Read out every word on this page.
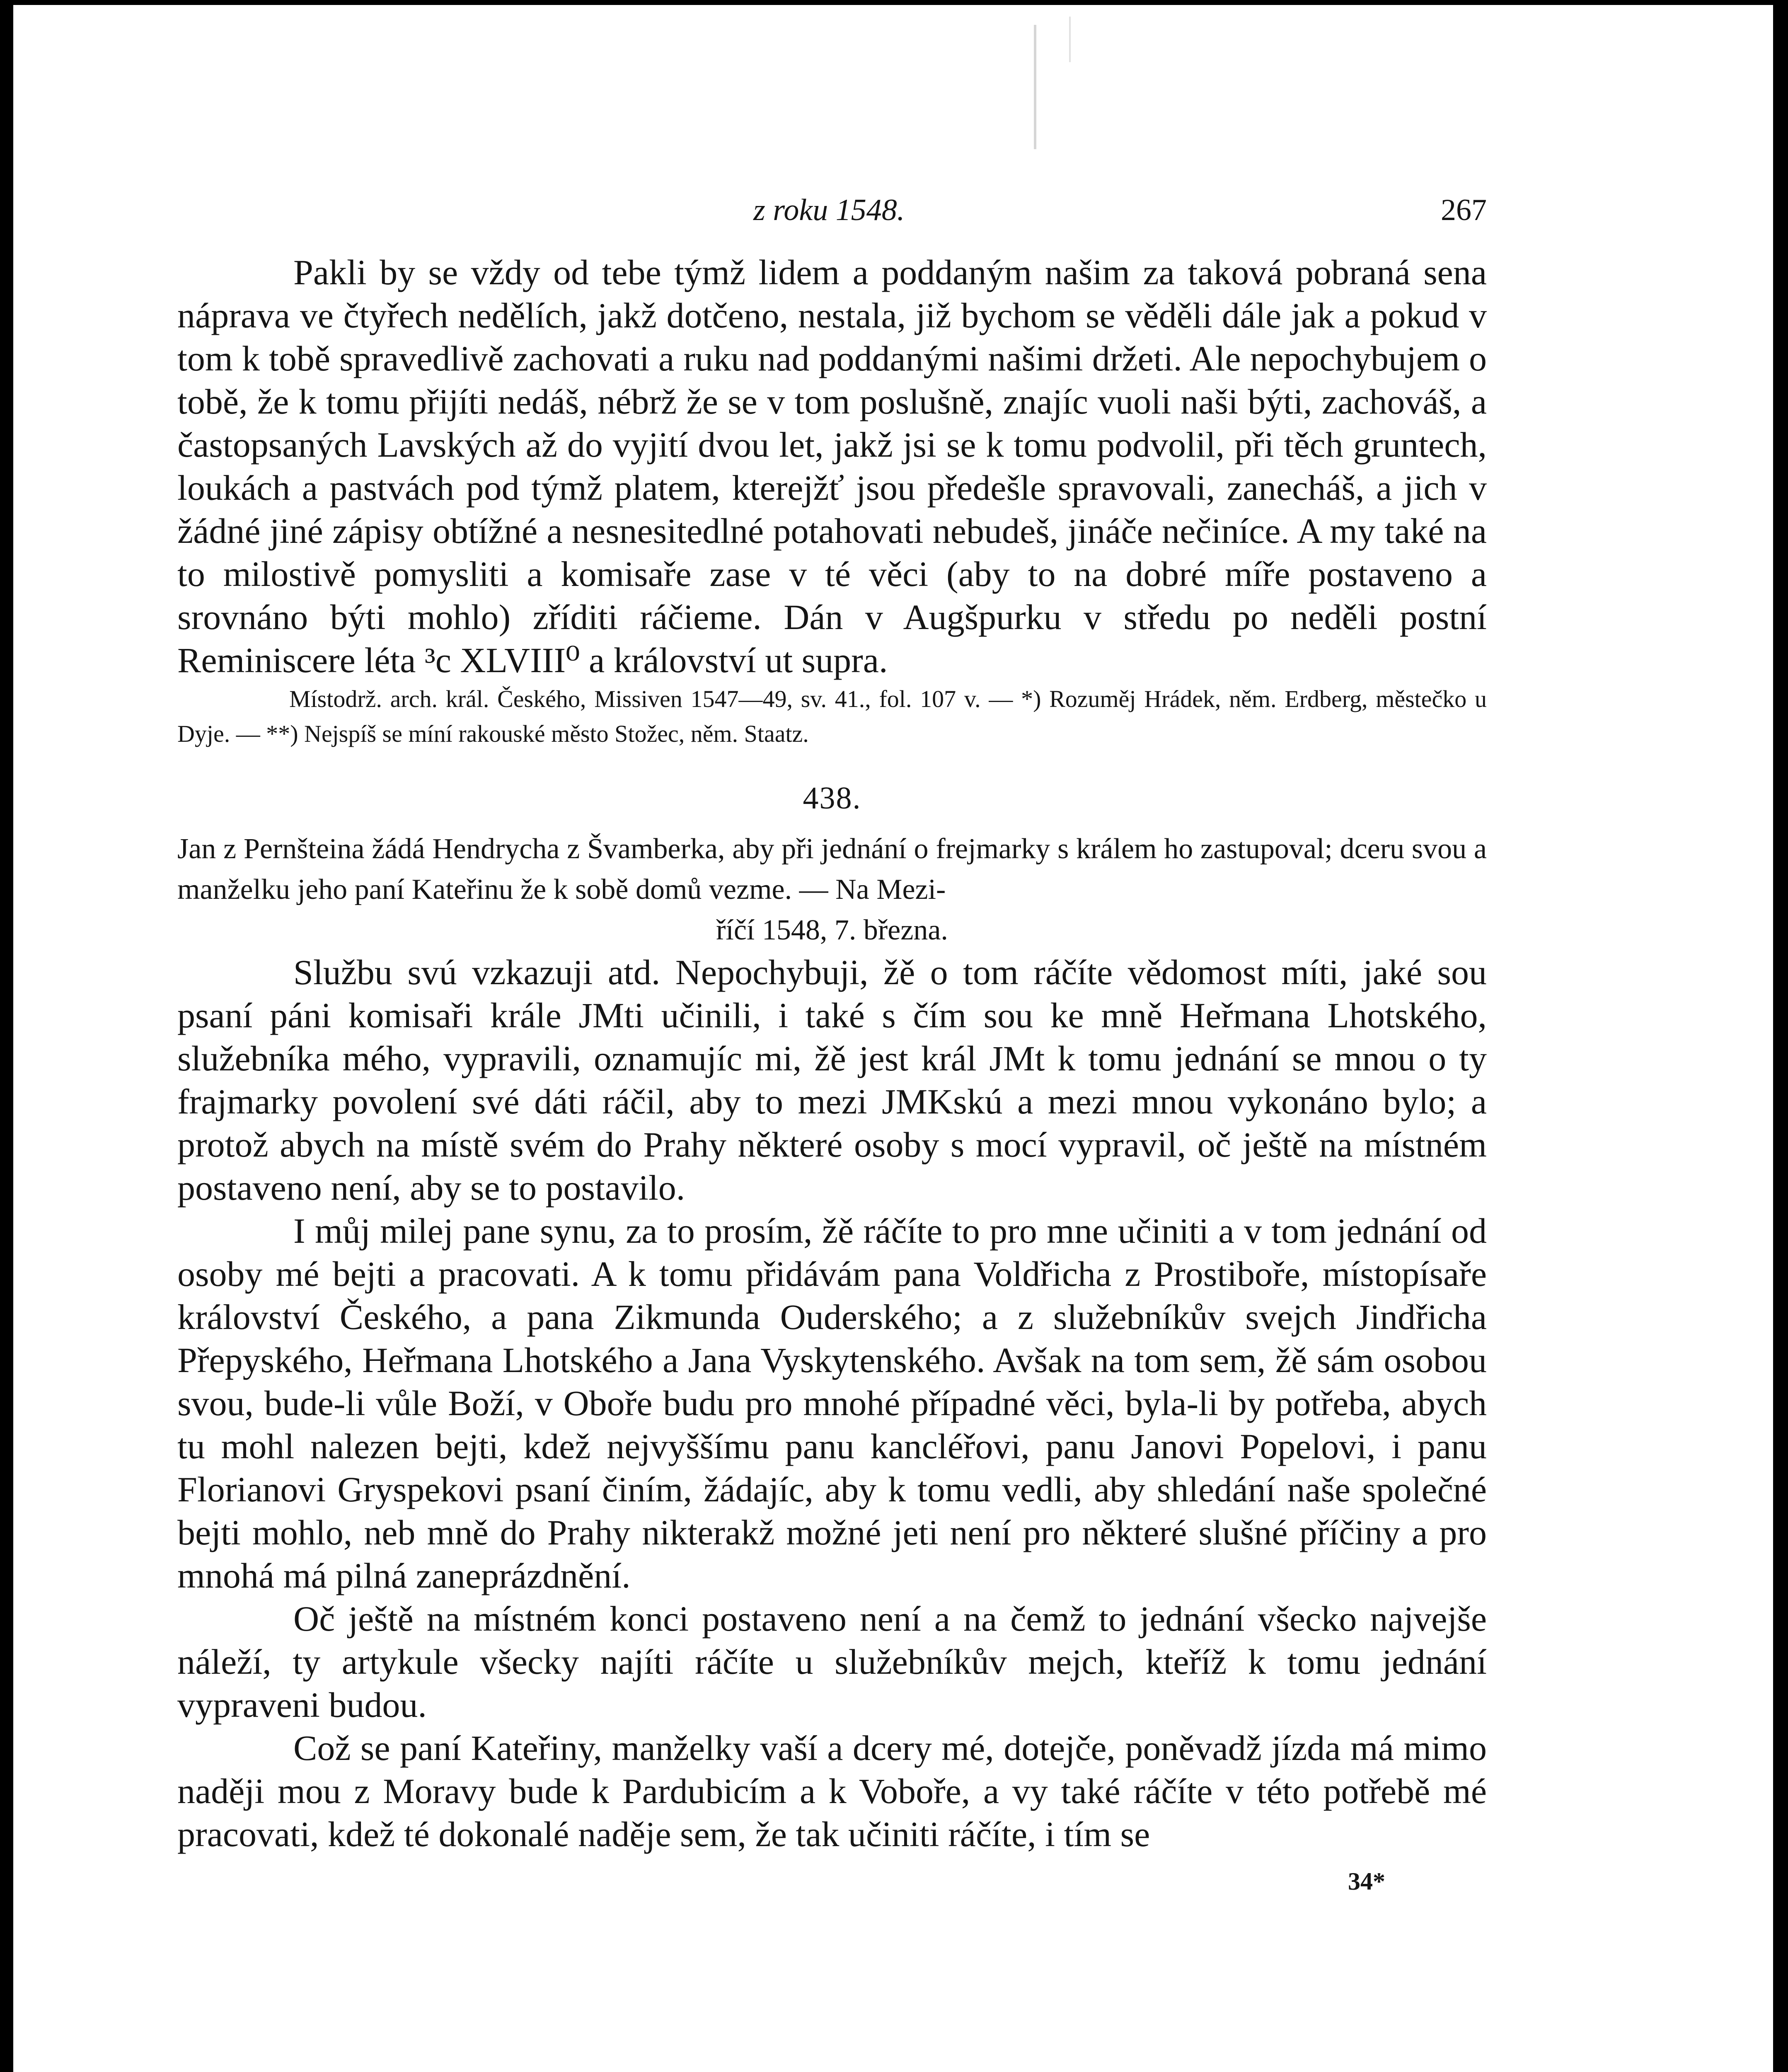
z roku 1548.	267

Pakli by se vždy od tebe týmž lidem a poddaným našim za taková pobraná sena náprava ve čtyřech nedělích, jakž dotčeno, nestala, již bychom se věděli dále jak a pokud v tom k tobě spravedlivě zachovati a ruku nad poddanými našimi držeti. Ale nepochybujem o tobě, že k tomu přijíti nedáš, nébrž že se v tom poslušně, znajíc vuoli naši býti, zachováš, a častopsaných Lavských až do vyjití dvou let, jakž jsi se k tomu podvolil, při těch gruntech, loukách a pastvách pod týmž platem, kterejžť jsou předešle spravovali, zanecháš, a jich v žádné jiné zápisy obtížné a nesnesitedlné potahovati nebudeš, jináče nečiníce. A my také na to milostivě pomysliti a komisaře zase v té věci (aby to na dobré míře postaveno a srovnáno býti mohlo) zříditi ráčieme. Dán v Augšpurku v středu po neděli postní Reminiscere léta ³c XLVIII⁰ a království ut supra.

Místodrž. arch. král. Českého, Missiven 1547—49, sv. 41., fol. 107 v. — *) Rozuměj Hrádek, něm. Erdberg, městečko u Dyje. — **) Nejspíš se míní rakouské město Stožec, něm. Staatz.

438.

Jan z Pernšteina žádá Hendrycha z Švamberka, aby při jednání o frejmarky s králem ho zastupoval; dceru svou a manželku jeho paní Kateřinu že k sobě domů vezme. — Na Mezi-
říčí 1548, 7. března.

Službu svú vzkazuji atd. Nepochybuji, žě o tom ráčíte vědomost míti, jaké sou psaní páni komisaři krále JMti učinili, i také s čím sou ke mně Heřmana Lhotského, služebníka mého, vypravili, oznamujíc mi, žě jest král JMt k tomu jednání se mnou o ty frajmarky povolení své dáti ráčil, aby to mezi JMKskú a mezi mnou vykonáno bylo; a protož abych na místě svém do Prahy některé osoby s mocí vypravil, oč ještě na místném postaveno není, aby se to postavilo.

I můj milej pane synu, za to prosím, žě ráčíte to pro mne učiniti a v tom jednání od osoby mé bejti a pracovati. A k tomu přidávám pana Voldřicha z Prostiboře, místopísaře království Českého, a pana Zikmunda Ouderského; a z služebníkův svejch Jindřicha Přepyského, Heřmana Lhotského a Jana Vyskytenského. Avšak na tom sem, žě sám osobou svou, bude-li vůle Boží, v Oboře budu pro mnohé případné věci, byla-li by potřeba, abych tu mohl nalezen bejti, kdež nejvyššímu panu kancléřovi, panu Janovi Popelovi, i panu Florianovi Gryspekovi psaní činím, žádajíc, aby k tomu vedli, aby shledání naše společné bejti mohlo, neb mně do Prahy nikterakž možné jeti není pro některé slušné příčiny a pro mnohá má pilná zaneprázdnění.

Oč ještě na místném konci postaveno není a na čemž to jednání všecko najvejše náleží, ty artykule všecky najíti ráčíte u služebníkův mejch, kteříž k tomu jednání vypraveni budou.

Což se paní Kateřiny, manželky vaší a dcery mé, dotejče, poněvadž jízda má mimo naději mou z Moravy bude k Pardubicím a k Voboře, a vy také ráčíte v této potřebě mé pracovati, kdež té dokonalé naděje sem, že tak učiniti ráčíte, i tím se

34*
